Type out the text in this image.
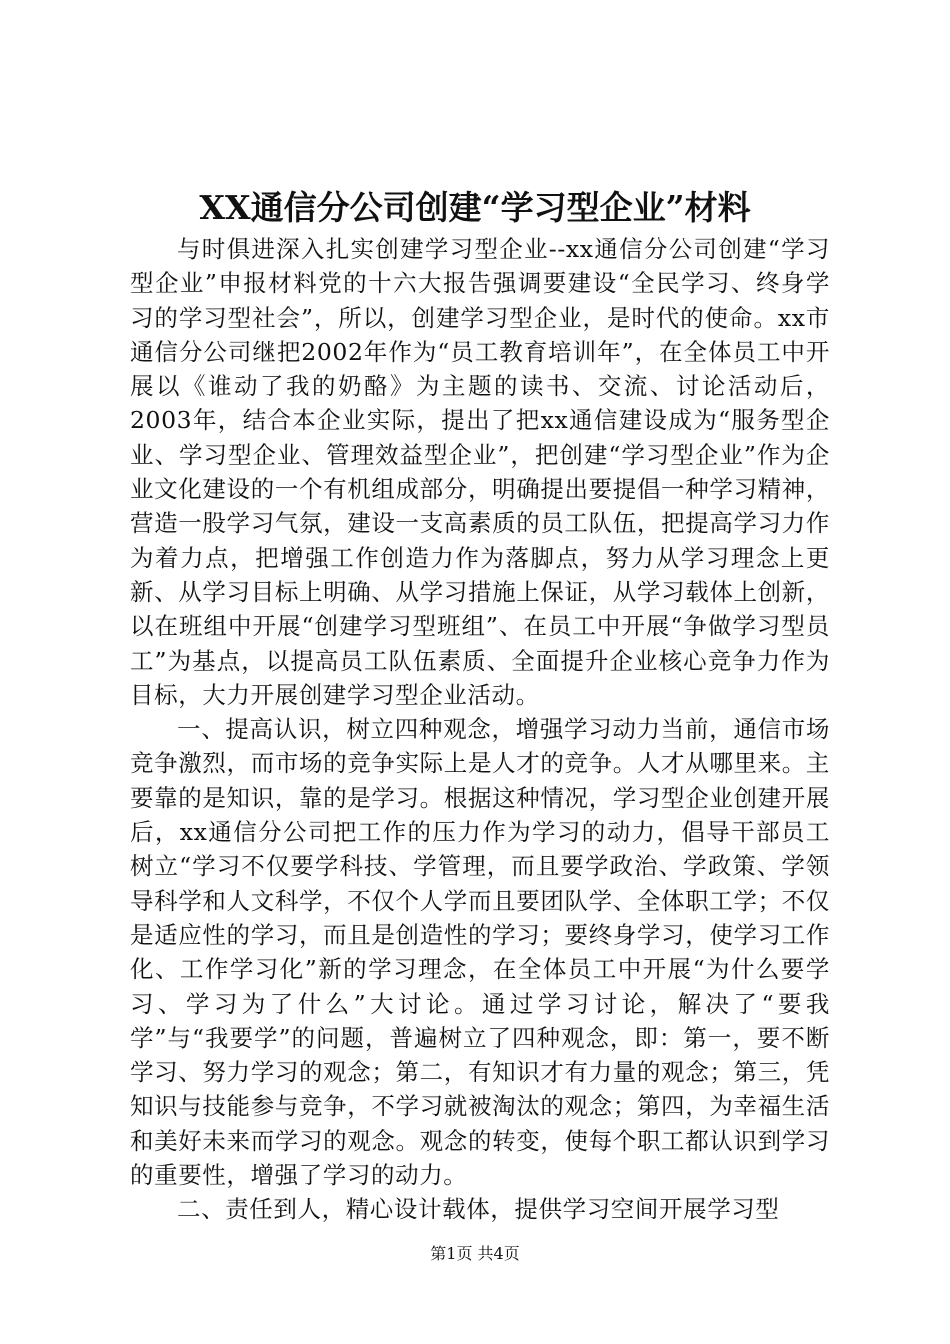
XX通信分公司创建“学习型企业”材料

与时俱进深入扎实创建学习型企业--xx通信分公司创建“学习型企业”申报材料党的十六大报告强调要建设“全民学习、终身学习的学习型社会”，所以，创建学习型企业，是时代的使命。xx市通信分公司继把2002年作为“员工教育培训年”，在全体员工中开展以《谁动了我的奶酪》为主题的读书、交流、讨论活动后，2003年，结合本企业实际，提出了把xx通信建设成为“服务型企业、学习型企业、管理效益型企业”，把创建“学习型企业”作为企业文化建设的一个有机组成部分，明确提出要提倡一种学习精神，营造一股学习气氛，建设一支高素质的员工队伍，把提高学习力作为着力点，把增强工作创造力作为落脚点，努力从学习理念上更新、从学习目标上明确、从学习措施上保证，从学习载体上创新，以在班组中开展“创建学习型班组”、在员工中开展“争做学习型员工”为基点，以提高员工队伍素质、全面提升企业核心竞争力作为目标，大力开展创建学习型企业活动。

一、提高认识，树立四种观念，增强学习动力当前，通信市场竞争激烈，而市场的竞争实际上是人才的竞争。人才从哪里来。主要靠的是知识，靠的是学习。根据这种情况，学习型企业创建开展后，xx通信分公司把工作的压力作为学习的动力，倡导干部员工树立“学习不仅要学科技、学管理，而且要学政治、学政策、学领导科学和人文科学，不仅个人学而且要团队学、全体职工学；不仅是适应性的学习，而且是创造性的学习；要终身学习，使学习工作化、工作学习化”新的学习理念，在全体员工中开展“为什么要学习、学习为了什么”大讨论。通过学习讨论，解决了“要我学”与“我要学”的问题，普遍树立了四种观念，即：第一，要不断学习、努力学习的观念；第二，有知识才有力量的观念；第三，凭知识与技能参与竞争，不学习就被淘汰的观念；第四，为幸福生活和美好未来而学习的观念。观念的转变，使每个职工都认识到学习的重要性，增强了学习的动力。

二、责任到人，精心设计载体，提供学习空间开展学习型

第1页 共4页
